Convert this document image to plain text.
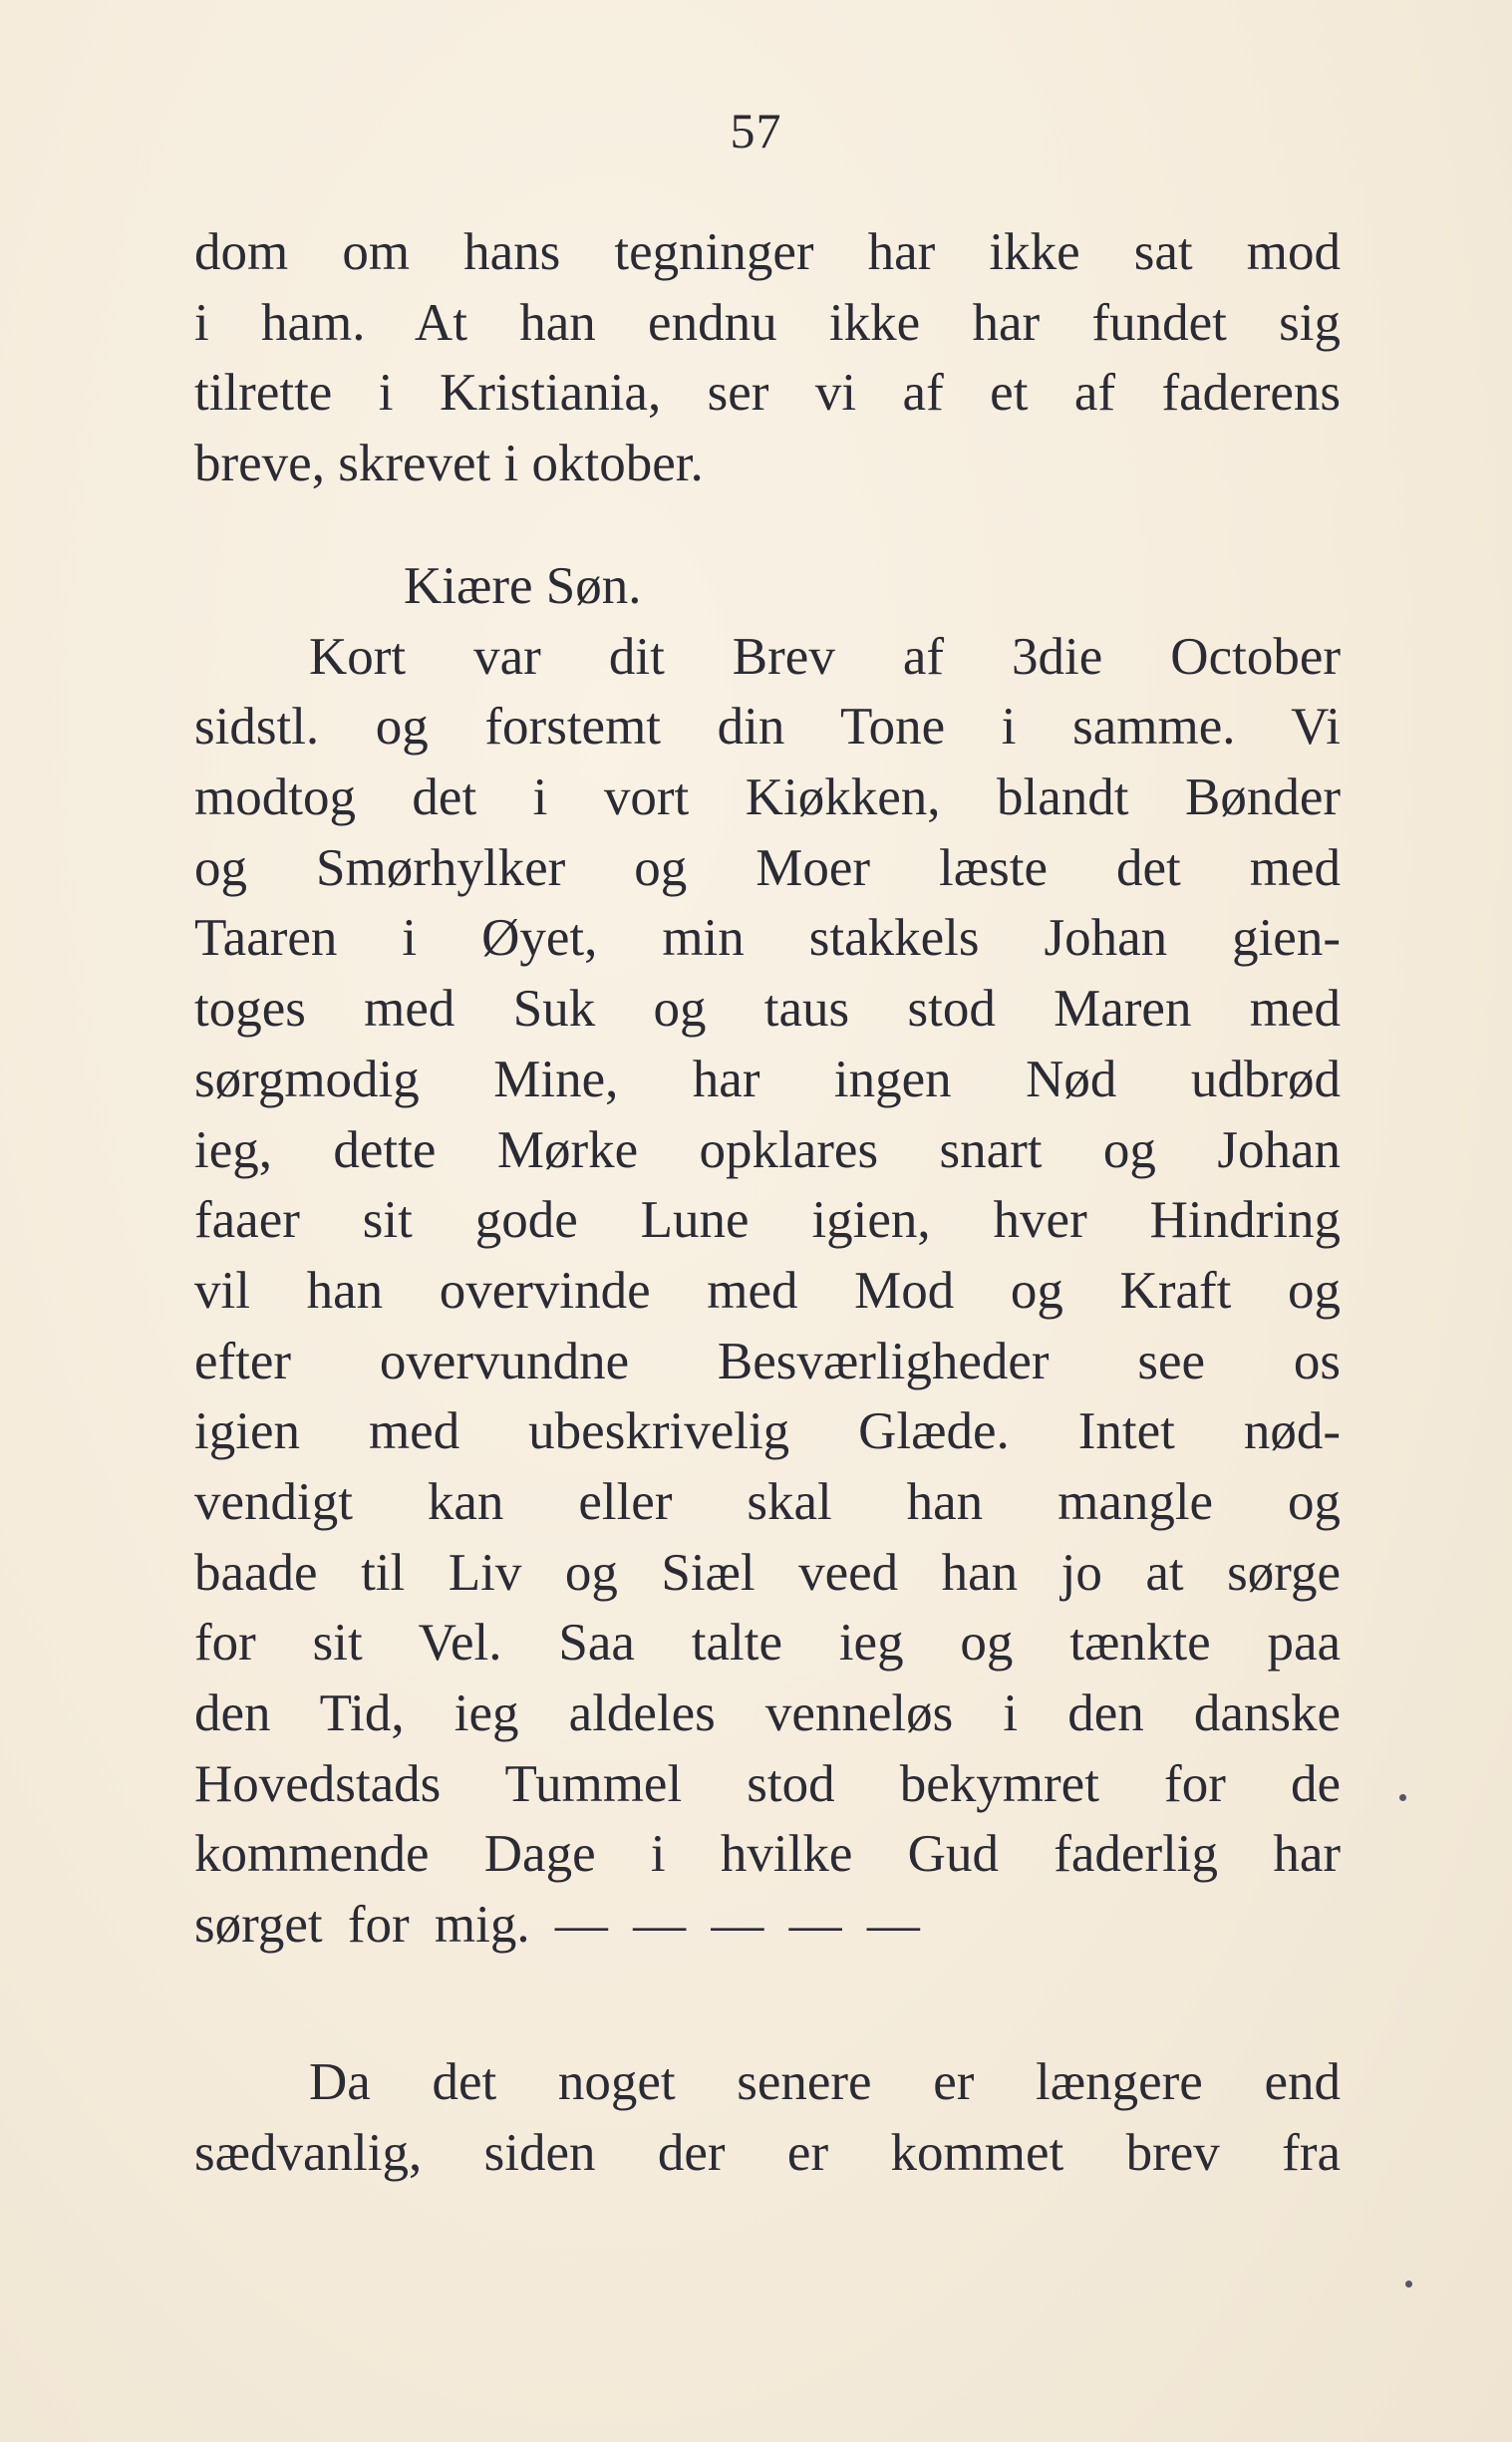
57
dom om hans tegninger har ikke sat mod
i ham. At han endnu ikke har fundet sig
tilrette i Kristiania, ser vi af et af faderens
breve, skrevet i oktober.
Kiære Søn.
Kort var dit Brev af 3die October
sidstl. og forstemt din Tone i samme. Vi
modtog det i vort Kiøkken, blandt Bønder
og Smørhylker og Moer læste det med
Taaren i Øyet, min stakkels Johan gien-
toges med Suk og taus stod Maren med
sørgmodig Mine, har ingen Nød udbrød
ieg, dette Mørke opklares snart og Johan
faaer sit gode Lune igien, hver Hindring
vil han overvinde med Mod og Kraft og
efter overvundne Besværligheder see os
igien med ubeskrivelig Glæde. Intet nød-
vendigt kan eller skal han mangle og
baade til Liv og Siæl veed han jo at sørge
for sit Vel. Saa talte ieg og tænkte paa
den Tid, ieg aldeles venneløs i den danske
Hovedstads Tummel stod bekymret for de
kommende Dage i hvilke Gud faderlig har
sørget for mig. — — — — —
Da det noget senere er længere end
sædvanlig, siden der er kommet brev fra
